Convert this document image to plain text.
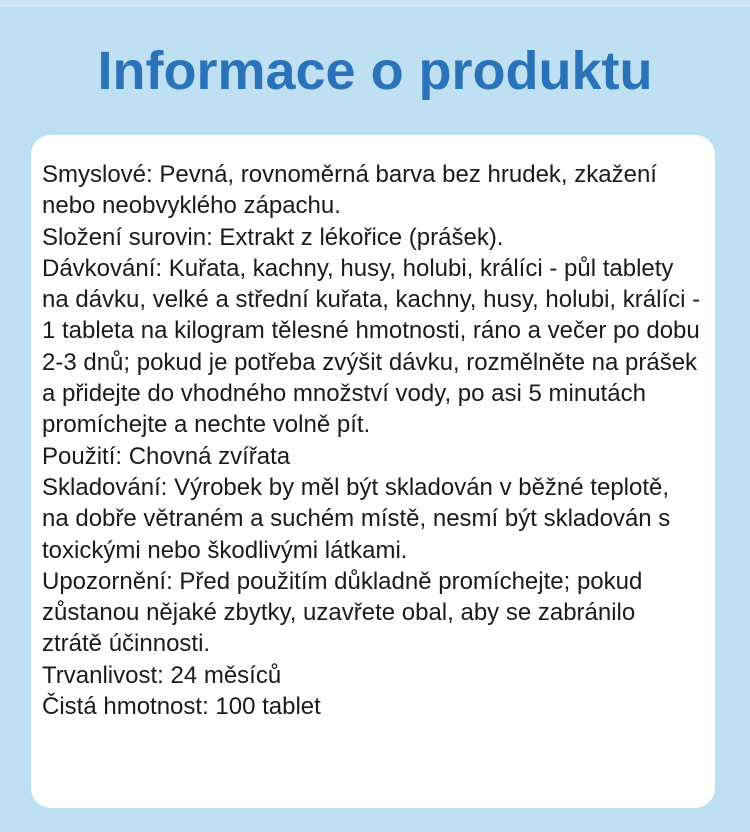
Informace o produktu

Smyslové: Pevná, rovnoměrná barva bez hrudek, zkažení nebo neobvyklého zápachu.

Složení surovin: Extrakt z lékořice (prášek).

Dávkování: Kuřata, kachny, husy, holubi, králíci - půl tablety na dávku, velké a střední kuřata, kachny, husy, holubi, králíci - 1 tableta na kilogram tělesné hmotnosti, ráno a večer po dobu 2-3 dnů; pokud je potřeba zvýšit dávku, rozmělněte na prášek a přidejte do vhodného množství vody, po asi 5 minutách promíchejte a nechte volně pít.

Použití: Chovná zvířata

Skladování: Výrobek by měl být skladován v běžné teplotě, na dobře větraném a suchém místě, nesmí být skladován s toxickými nebo škodlivými látkami.

Upozornění: Před použitím důkladně promíchejte; pokud zůstanou nějaké zbytky, uzavřete obal, aby se zabránilo ztrátě účinnosti.

Trvanlivost: 24 měsíců

Čistá hmotnost: 100 tablet
